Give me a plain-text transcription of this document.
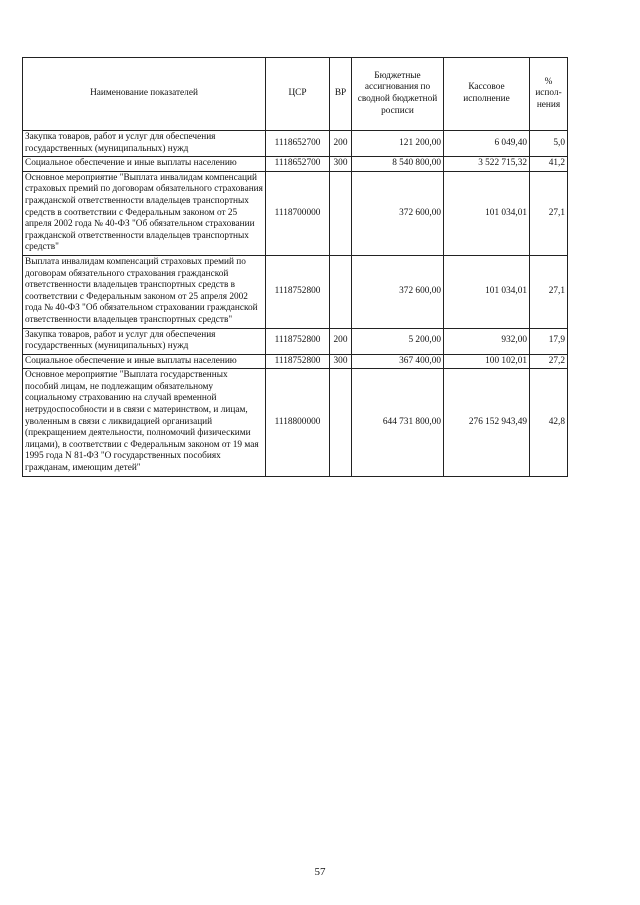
Наименование показателей	ЦСР	ВР	Бюджетные ассигнования по сводной бюджетной росписи	Кассовое исполнение	% испол-нения
Закупка товаров, работ и услуг для обеспечения государственных (муниципальных) нужд	1118652700	200	121 200,00	6 049,40	5,0
Социальное обеспечение и иные выплаты населению	1118652700	300	8 540 800,00	3 522 715,32	41,2
Основное мероприятие "Выплата инвалидам компенсаций страховых премий по договорам обязательного страхования гражданской ответственности владельцев транспортных средств в соответствии с Федеральным законом от 25 апреля 2002 года № 40-ФЗ "Об обязательном страховании гражданской ответственности владельцев транспортных средств"	1118700000		372 600,00	101 034,01	27,1
Выплата инвалидам компенсаций страховых премий по договорам обязательного страхования гражданской ответственности владельцев транспортных средств в соответствии с Федеральным законом от 25 апреля 2002 года № 40-ФЗ "Об обязательном страховании гражданской ответственности владельцев транспортных средств"	1118752800		372 600,00	101 034,01	27,1
Закупка товаров, работ и услуг для обеспечения государственных (муниципальных) нужд	1118752800	200	5 200,00	932,00	17,9
Социальное обеспечение и иные выплаты населению	1118752800	300	367 400,00	100 102,01	27,2
Основное мероприятие "Выплата государственных пособий лицам, не подлежащим обязательному социальному страхованию на случай временной нетрудоспособности и в связи с материнством, и лицам, уволенным в связи с ликвидацией организаций (прекращением деятельности, полномочий физическими лицами), в соответствии с Федеральным законом от 19 мая 1995 года N 81-ФЗ "О государственных пособиях гражданам, имеющим детей"	1118800000		644 731 800,00	276 152 943,49	42,8
57
